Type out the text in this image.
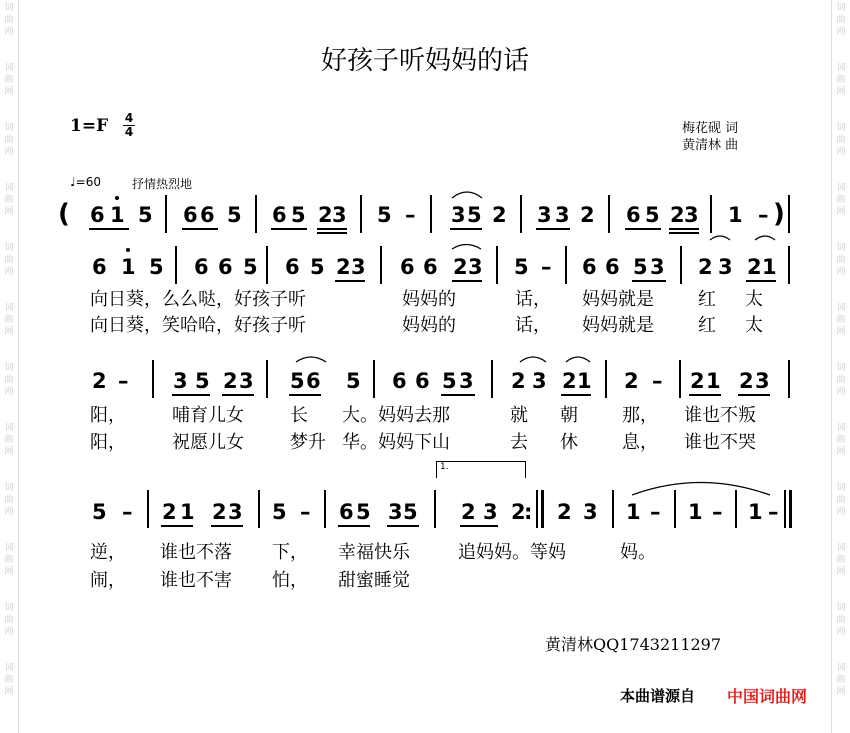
词
曲
网
词
曲
网
词
曲
网
词
曲
网
词
曲
网
词
曲
网
词
曲
网
词
曲
网
词
曲
网
词
曲
网
词
曲
网
词
曲
网
词
曲
网
词
曲
网
词
曲
网
词
曲
网
词
曲
网
词
曲
网
词
曲
网
词
曲
网
词
曲
网
词
曲
网
词
曲
网
词
曲
网
好孩子听妈妈的话
1=F 4
4	梅花砚 词
黄清林 曲
♩=60	抒情热烈地
( 6 1 5 6 6 5 6 5 2 3 5 – 3 5 2 3 3 2 6 5 2 3 1 – )
6 1 5 6 6 5 6 5 2 3 6 6 2 3 5 – 6 6 5 3 2 3 2 1
向日葵，么么哒，好孩子听	妈妈的	话， 妈妈就是 红 太
向日葵，笑哈哈，好孩子听	妈妈的	话， 妈妈就是 红 太
2 – 3 5 2 3 5 6 5 6 6 5 3 2 3 2 1 2 – 2 1 2 3
阳，	哺育儿女	长 大。妈妈去那	就 朝 那， 谁也不叛
阳，	祝愿儿女	梦升 华。妈妈下山	去 休 息， 谁也不哭
1.
5 – 2 1 2 3 5 – 6 5 3 5 2 3 2
: 2 3 1 – 1 – 1 –
逆， 谁也不落 下， 幸福快乐	追妈妈。等妈	妈。
闹， 谁也不害 怕， 甜蜜睡觉
黄清林QQ1743211297
本曲谱源自 中国词曲网
